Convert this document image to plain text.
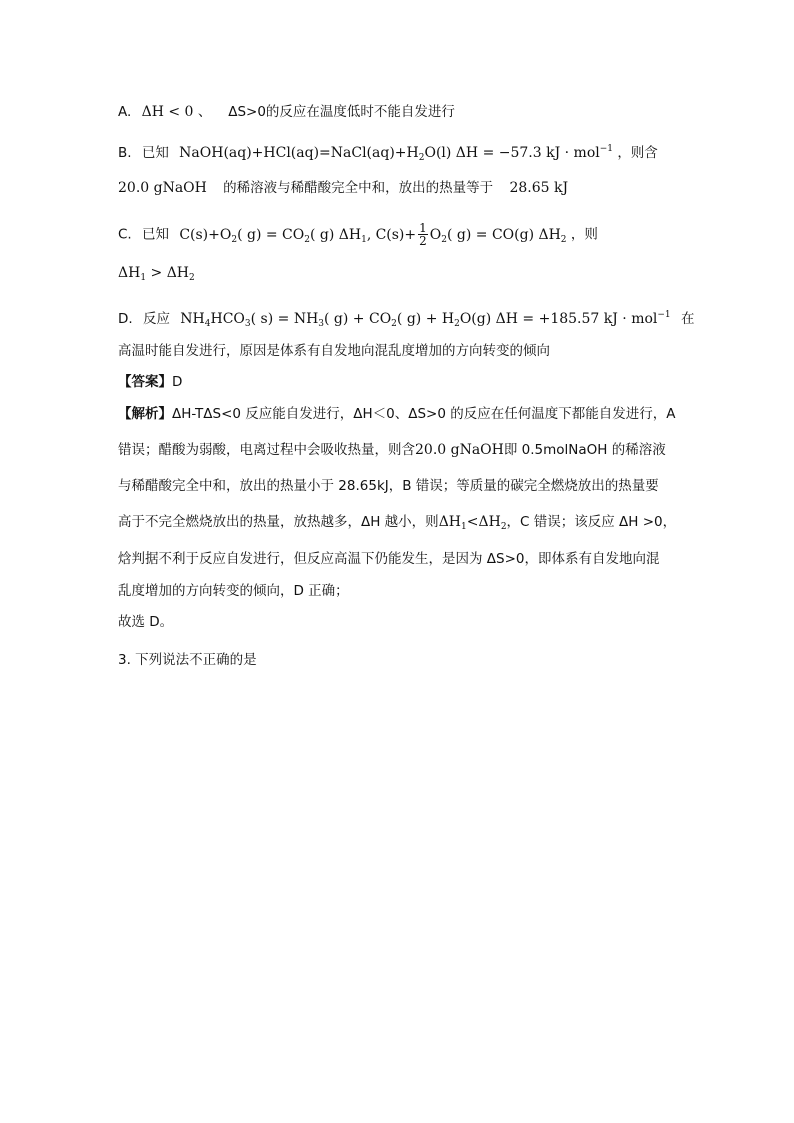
A. ΔH < 0 、 ΔS>0的反应在温度低时不能自发进行
B. 已知 $NaOH(aq)+HCl(aq)=NaCl(aq)+H_2O(l) \Delta H = -57.3$ kJ · mol$^{-1}$ ，则含
20.0 gNaOH 的稀溶液与稀醋酸完全中和，放出的热量等于 28.65 kJ
C. 已知 $C(s)+O_2$( $g) = CO_2$( g) $\Delta H_1$, $C(s)+ \frac{1}{2} O_2$( g) = CO(g) $\Delta H_2$ ，则
$\Delta H_1 > \Delta H_2$
D. 反应 $NH_4HCO_3$( $s) = NH_3$( $g) + CO_2$( $g) + H_2O(g) \Delta H = +185.57$ kJ · mol$^{-1}$ 在
高温时能自发进行，原因是体系有自发地向混乱度增加的方向转变的倾向
【答案】D
【解析】ΔH-TΔS<0 反应能自发进行，ΔH＜0、ΔS>0 的反应在任何温度下都能自发进行，A
错误；醋酸为弱酸，电离过程中会吸收热量，则含20.0 gNaOH即 0.5molNaOH 的稀溶液
与稀醋酸完全中和，放出的热量小于 28.65kJ，B 错误；等质量的碳完全燃烧放出的热量要
高于不完全燃烧放出的热量，放热越多，ΔH 越小，则$\Delta H_1<\Delta H_2$，C 错误；该反应 ΔH >0，
焓判据不利于反应自发进行，但反应高温下仍能发生，是因为 ΔS>0，即体系有自发地向混
乱度增加的方向转变的倾向，D 正确；
故选 D。
3. 下列说法不正确的是
